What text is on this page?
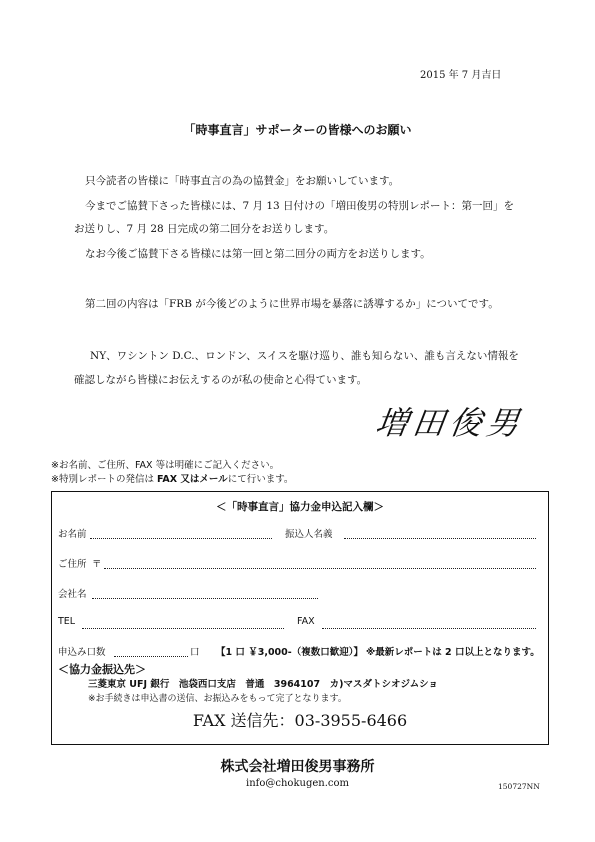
2015 年 7 月吉日
「時事直言」サポーターの皆様へのお願い
只今読者の皆様に「時事直言の為の協賛金」をお願いしています。
今までご協賛下さった皆様には、7 月 13 日付けの「増田俊男の特別レポート：第一回」を
お送りし、7 月 28 日完成の第二回分をお送りします。
なお今後ご協賛下さる皆様には第一回と第二回分の両方をお送りします。
第二回の内容は「FRB が今後どのように世界市場を暴落に誘導するか」についてです。
NY、ワシントン D.C.、ロンドン、スイスを駆け巡り、誰も知らない、誰も言えない情報を
確認しながら皆様にお伝えするのが私の使命と心得ています。
増田俊男
※お名前、ご住所、FAX 等は明確にご記入ください。
※特別レポートの発信は FAX 又はメールにて行います。
＜「時事直言」協力金申込記入欄＞
お名前	振込人名義
ご住所 〒
会社名
TEL	FAX
申込み口数	口 【1 口 ￥3,000-（複数口歓迎）】 ※最新レポートは 2 口以上となります。
＜協力金振込先＞
三菱東京 UFJ 銀行　池袋西口支店　普通　3964107　カ)マスダトシオジムショ
※お手続きは申込書の送信、お振込みをもって完了となります。
FAX 送信先：03-3955-6466
株式会社増田俊男事務所
info@chokugen.com	150727NN
